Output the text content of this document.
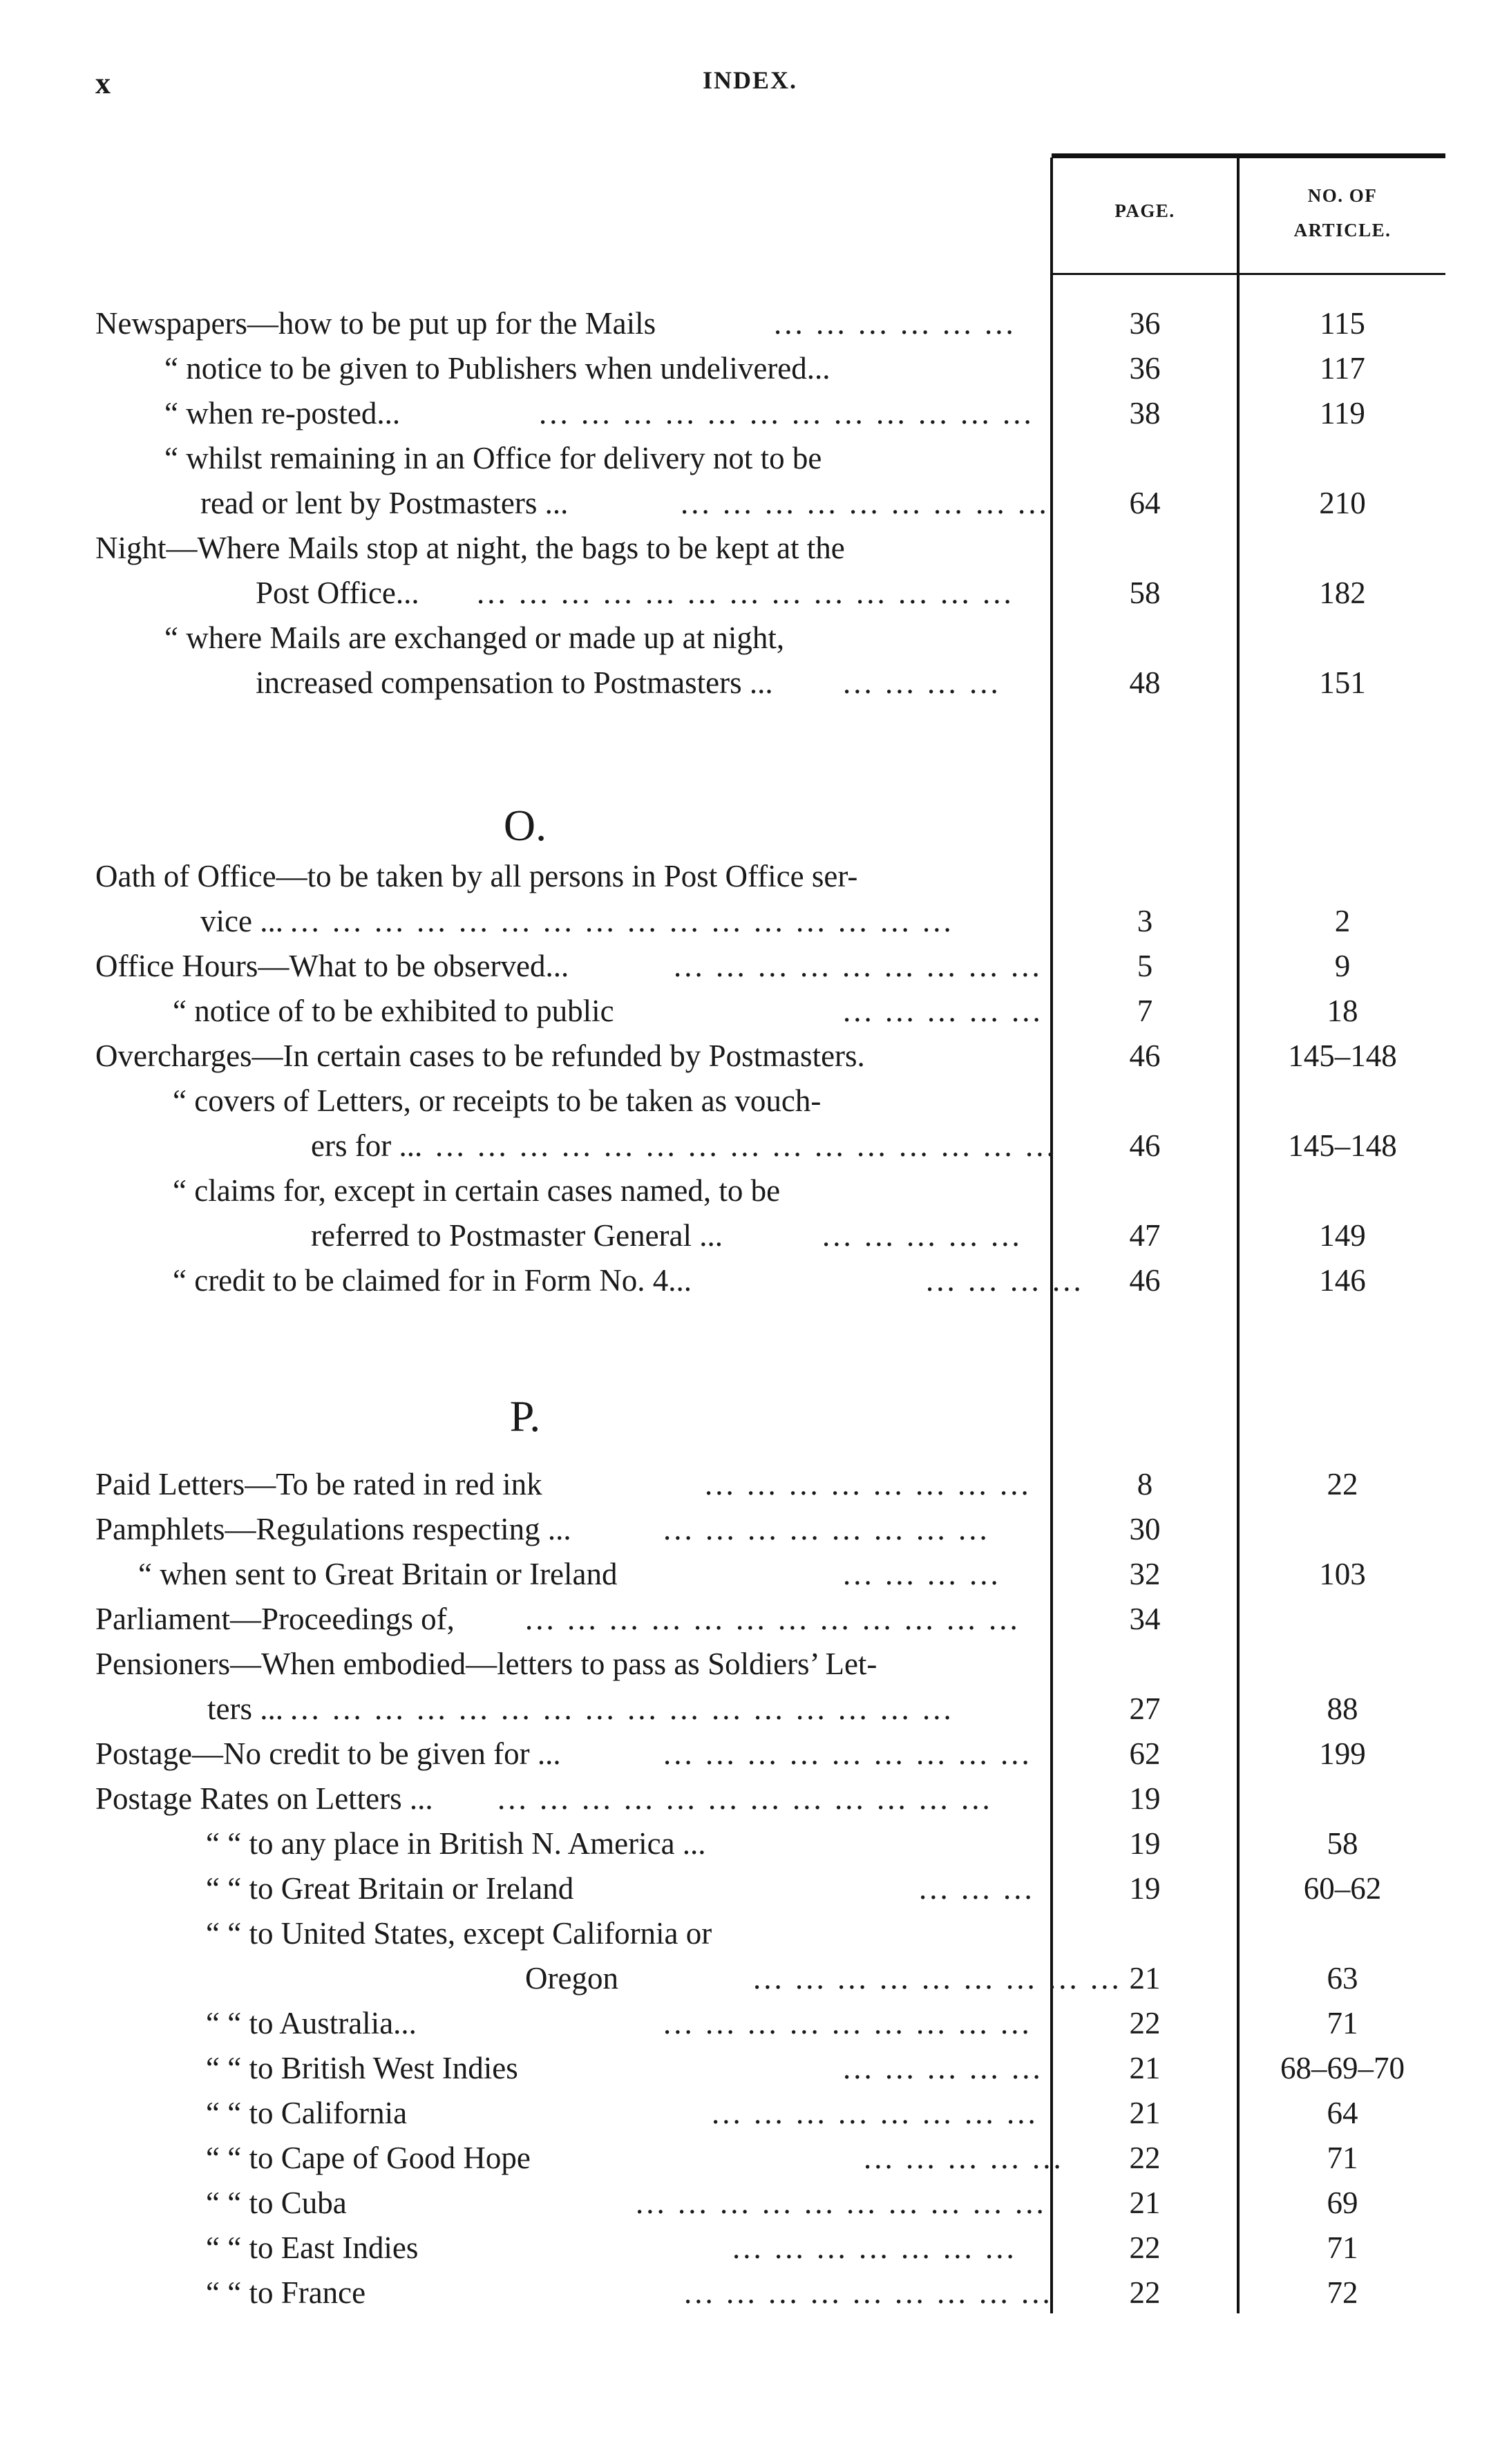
x	INDEX.
PAGE.
NO. OF
ARTICLE.
O.
P.
Newspapers—how to be put up for the Mails	... ... ... ... ... ...	36	115
“ notice to be given to Publishers when undelivered...	36	117
“ when re-posted...	... ... ... ... ... ... ... ... ... ... ... ...	38	119
“ whilst remaining in an Office for delivery not to be
read or lent by Postmasters ...	... ... ... ... ... ... ... ... ...	64	210
Night—Where Mails stop at night, the bags to be kept at the
Post Office... ... ... ... ... ... ... ... ... ... ... ... ... ...	58	182
“ where Mails are exchanged or made up at night,
increased compensation to Postmasters ... ... ... ... ...	48	151
Oath of Office—to be taken by all persons in Post Office ser-
vice ... ... ... ... ... ... ... ... ... ... ... ... ... ... ... ... ...	3	2
Office Hours—What to be observed...	... ... ... ... ... ... ... ... ...	5	9
“ notice of to be exhibited to public	... ... ... ... ...	7	18
Overcharges—In certain cases to be refunded by Postmasters.	46	145–148
“ covers of Letters, or receipts to be taken as vouch-
ers for ... ... ... ... ... ... ... ... ... ... ... ... ... ... ... ...	46	145–148
“ claims for, except in certain cases named, to be
referred to Postmaster General ...	... ... ... ... ...	47	149
“ credit to be claimed for in Form No. 4...	... ... ... ...	46	146
Paid Letters—To be rated in red ink	... ... ... ... ... ... ... ...	8	22
Pamphlets—Regulations respecting ...	... ... ... ... ... ... ... ...	30
“ when sent to Great Britain or Ireland	... ... ... ...	32	103
Parliament—Proceedings of, ... ... ... ... ... ... ... ... ... ... ... ...	34
Pensioners—When embodied—letters to pass as Soldiers’ Let-
ters ... ... ... ... ... ... ... ... ... ... ... ... ... ... ... ... ...	27	88
Postage—No credit to be given for ...	... ... ... ... ... ... ... ... ...	62	199
Postage Rates on Letters ... ... ... ... ... ... ... ... ... ... ... ... ...	19
“ “ to any place in British N. America ...	19	58
“ “ to Great Britain or Ireland	... ... ...	19	60–62
“ “ to United States, except California or
Oregon	... ... ... ... ... ... ... ... ... 21	63
“ “ to Australia...	... ... ... ... ... ... ... ... ...	22	71
“ “ to British West Indies	... ... ... ... ...	21	68–69–70
“ “ to California	... ... ... ... ... ... ... ...	21	64
“ “ to Cape of Good Hope	... ... ... ... ...	22	71
“ “ to Cuba	... ... ... ... ... ... ... ... ... ...	21	69
“ “ to East Indies	... ... ... ... ... ... ...	22	71
“ “ to France	... ... ... ... ... ... ... ... ...	22	72
